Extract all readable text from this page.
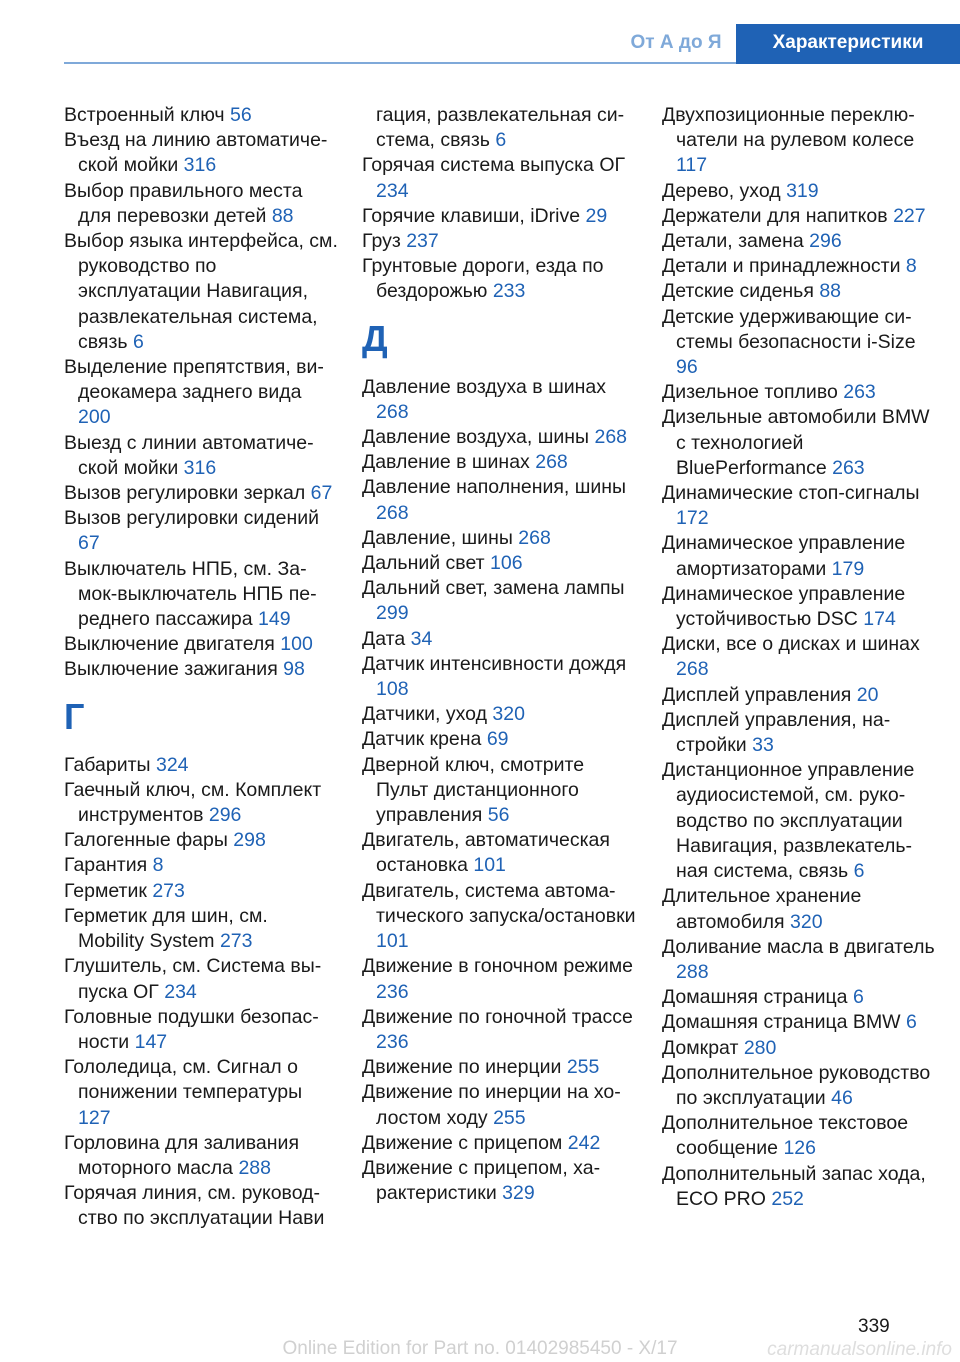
От А до Я	Характеристики
Встроенный ключ 56
Въезд на линию автоматической мойки 316
Выбор правильного места для перевозки детей 88
Выбор языка интерфейса, см. руководство по эксплуатации Навигация, развлекательная система, связь 6
Выделение препятствия, видеокамера заднего вида 200
Выезд с линии автоматической мойки 316
Вызов регулировки зеркал 67
Вызов регулировки сидений 67
Выключатель НПБ, см. Замок-выключатель НПБ переднего пассажира 149
Выключение двигателя 100
Выключение зажигания 98
Г
Габариты 324
Гаечный ключ, см. Комплект инструментов 296
Галогенные фары 298
Гарантия 8
Герметик 273
Герметик для шин, см. Mobility System 273
Глушитель, см. Система выпуска ОГ 234
Головные подушки безопасности 147
Гололедица, см. Сигнал о понижении температуры 127
Горловина для заливания моторного масла 288
Горячая линия, см. руководство по эксплуатации Нави
гация, развлекательная система, связь 6
Горячая система выпуска ОГ 234
Горячие клавиши, iDrive 29
Груз 237
Грунтовые дороги, езда по бездорожью 233
Д
Давление воздуха в шинах 268
Давление воздуха, шины 268
Давление в шинах 268
Давление наполнения, шины 268
Давление, шины 268
Дальний свет 106
Дальний свет, замена лампы 299
Дата 34
Датчик интенсивности дождя 108
Датчики, уход 320
Датчик крена 69
Дверной ключ, смотрите Пульт дистанционного управления 56
Двигатель, автоматическая остановка 101
Двигатель, система автоматического запуска/остановки 101
Движение в гоночном режиме 236
Движение по гоночной трассе 236
Движение по инерции 255
Движение по инерции на холостом ходу 255
Движение с прицепом 242
Движение с прицепом, характеристики 329
Двухпозиционные переключатели на рулевом колесе 117
Дерево, уход 319
Держатели для напитков 227
Детали, замена 296
Детали и принадлежности 8
Детские сиденья 88
Детские удерживающие системы безопасности i-Size 96
Дизельное топливо 263
Дизельные автомобили BMW с технологией BluePerformance 263
Динамические стоп-сигналы 172
Динамическое управление амортизаторами 179
Динамическое управление устойчивостью DSC 174
Диски, все о дисках и шинах 268
Дисплей управления 20
Дисплей управления, настройки 33
Дистанционное управление аудиосистемой, см. руководство по эксплуатации Навигация, развлекательная система, связь 6
Длительное хранение автомобиля 320
Доливание масла в двигатель 288
Домашняя страница 6
Домашняя страница BMW 6
Домкрат 280
Дополнительное руководство по эксплуатации 46
Дополнительное текстовое сообщение 126
Дополнительный запас хода, ECO PRO 252
339
Online Edition for Part no. 01402985450 - X/17	carmanualsonline.info
